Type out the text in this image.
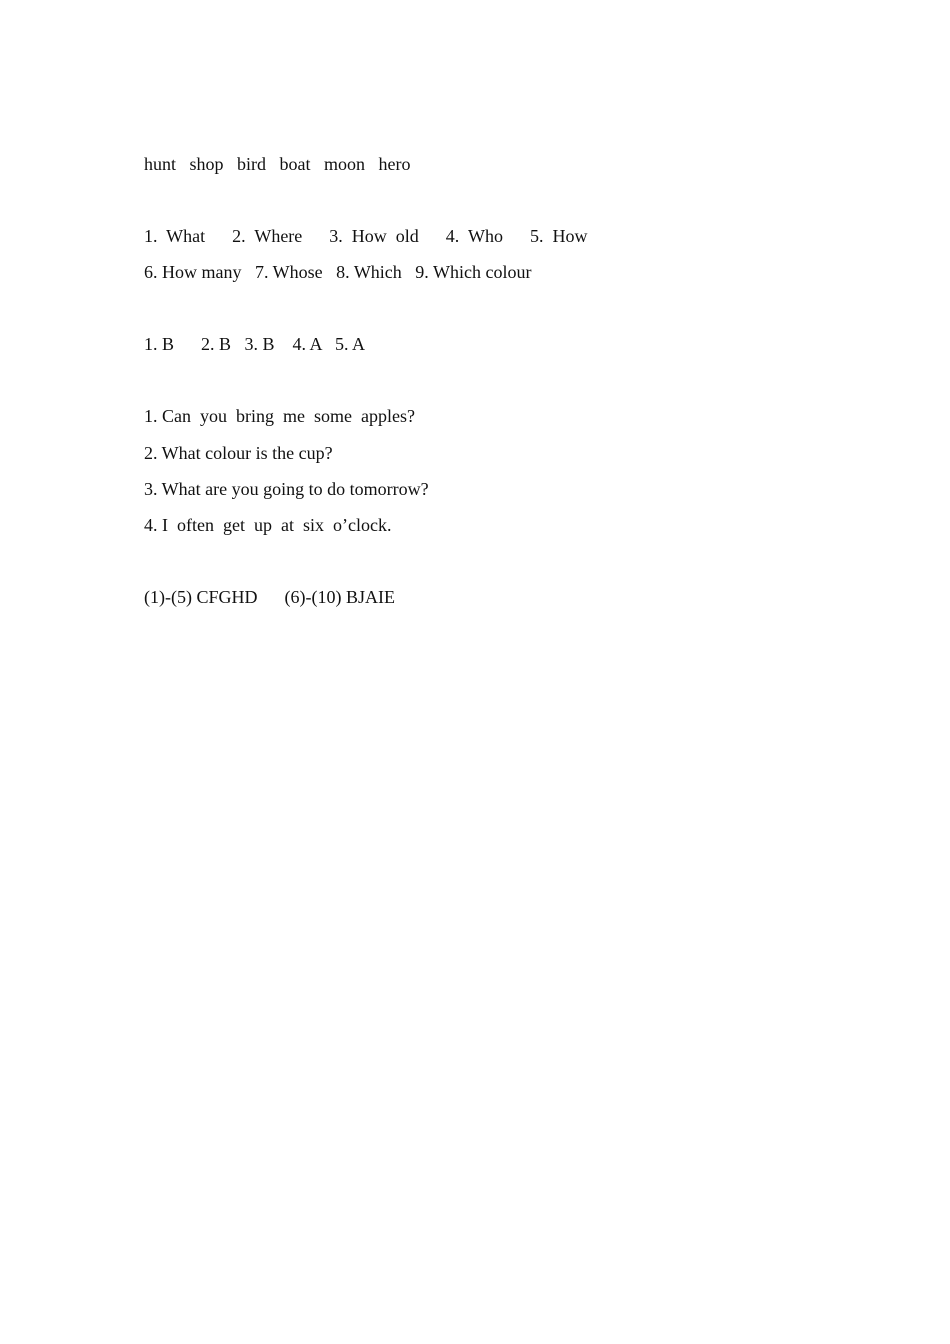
hunt   shop   bird   boat   moon   hero
1.  What      2.  Where      3.  How  old      4.  Who      5.  How
6. How many   7. Whose   8. Which   9. Which colour
1. B      2. B   3. B    4. A   5. A
1. Can  you  bring  me  some  apples?
2. What colour is the cup?
3. What are you going to do tomorrow?
4. I  often  get  up  at  six  o’clock.
(1)-(5) CFGHD      (6)-(10) BJAIE
